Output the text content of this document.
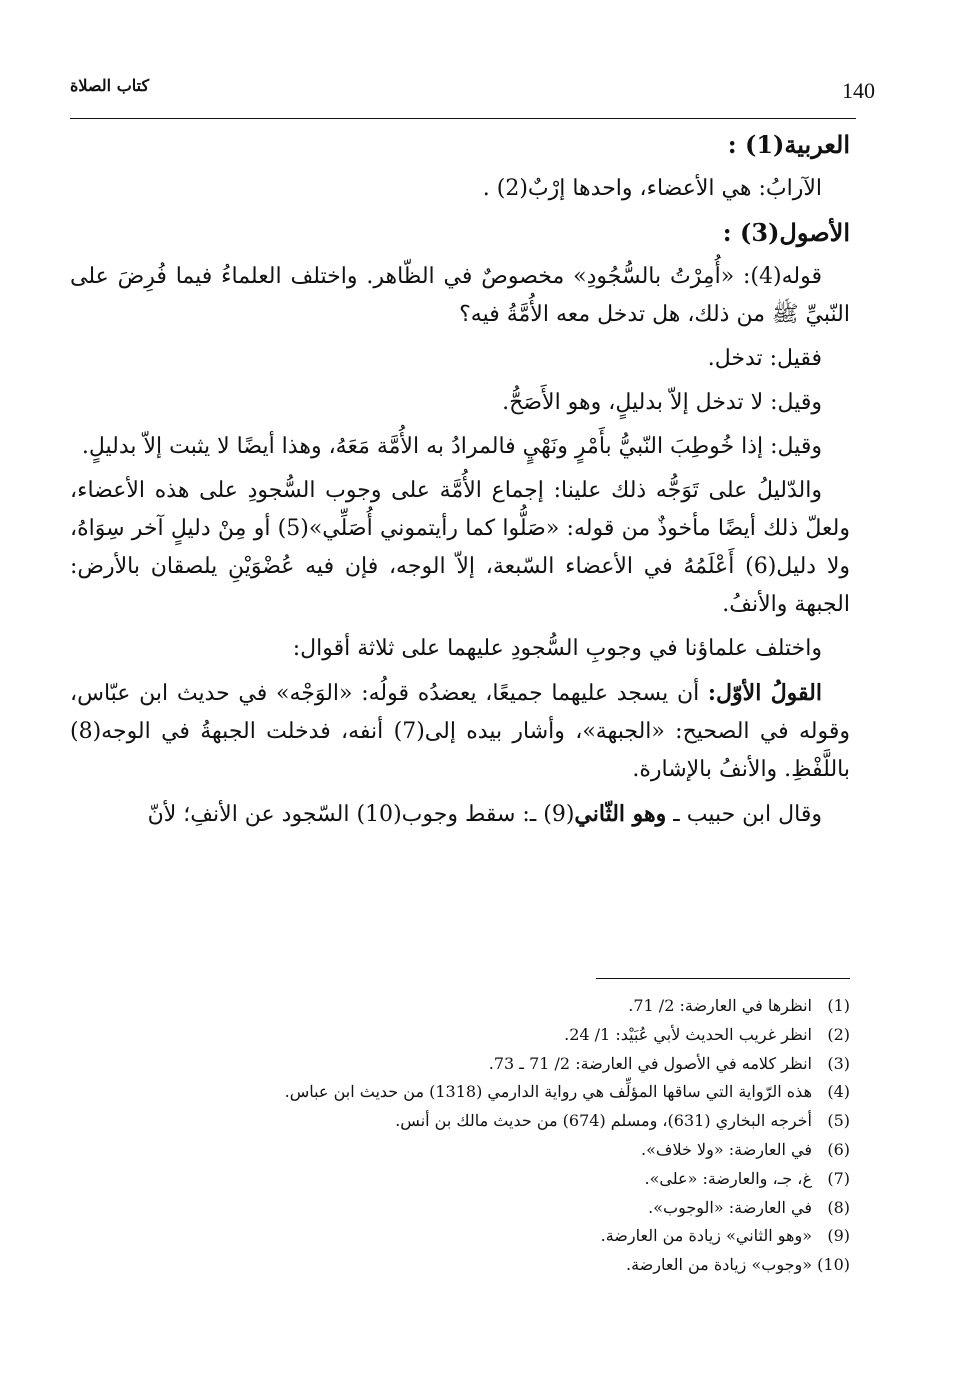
140
كتاب الصلاة

العربية(1) :

الآرابُ: هي الأعضاء، واحدها إرْبٌ(2) .

الأصول(3) :

قوله(4): «أُمِرْتُ بالسُّجُودِ» مخصوصٌ في الظّاهر. واختلف العلماءُ فيما فُرِضَ على النّبيِّ ﷺ من ذلك، هل تدخل معه الأُمَّةُ فيه؟

فقيل: تدخل.

وقيل: لا تدخل إلاّ بدليلٍ، وهو الأَصَحُّ.

وقيل: إذا خُوطِبَ النّبيُّ بأَمْرٍ ونَهْيٍ فالمرادُ به الأُمَّة مَعَهُ، وهذا أيضًا لا يثبت إلاّ بدليلٍ.

والدّليلُ على تَوَجُّه ذلك علينا: إجماع الأُمَّة على وجوب السُّجودِ على هذه الأعضاء، ولعلّ ذلك أيضًا مأخوذٌ من قوله: «صَلُّوا كما رأيتموني أُصَلِّي»(5) أو مِنْ دليلٍ آخر سِوَاهُ، ولا دليل(6) أَعْلَمُهُ في الأعضاء السّبعة، إلاّ الوجه، فإن فيه عُضْوَيْنِ يلصقان بالأرض: الجبهة والأنفُ.

واختلف علماؤنا في وجوبِ السُّجودِ عليهما على ثلاثة أقوال:

القولُ الأوّل: أن يسجد عليهما جميعًا، يعضدُه قولُه: «الوَجْه» في حديث ابن عبّاس، وقوله في الصحيح: «الجبهة»، وأشار بيده إلى(7) أنفه، فدخلت الجبهةُ في الوجه(8) باللَّفْظِ. والأنفُ بالإشارة.

وقال ابن حبيب ـ وهو الثّاني(9) ـ: سقط وجوب(10) السّجود عن الأنفِ؛ لأنّ

(1)
انظرها في العارضة: 2/ 71.
(2)
انظر غريب الحديث لأبي عُبَيْد: 1/ 24.
(3)
انظر كلامه في الأصول في العارضة: 2/ 71 ـ 73.
(4)
هذه الرّواية التي ساقها المؤلِّف هي رواية الدارمي (1318) من حديث ابن عباس.
(5)
أخرجه البخاري (631)، ومسلم (674) من حديث مالك بن أنس.
(6)
في العارضة: «ولا خلاف».
(7)
غ، جـ، والعارضة: «على».
(8)
في العارضة: «الوجوب».
(9)
«وهو الثاني» زيادة من العارضة.
(10)
«وجوب» زيادة من العارضة.
